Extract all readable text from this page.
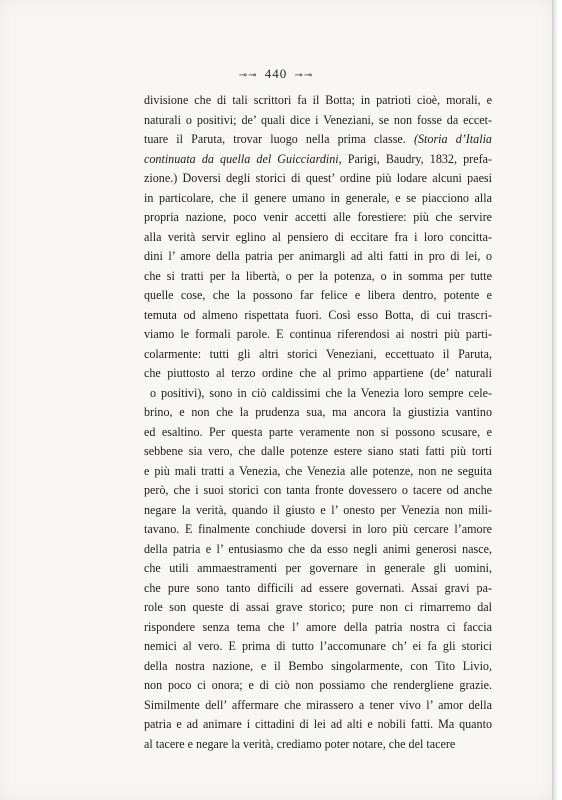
⊸⊸ 440 ⊸⊸
divisione che di tali scrittori fa il Botta; in patrioti cioè, morali, e
naturali o positivi; de’ quali dice i Veneziani, se non fosse da eccet-
tuare il Paruta, trovar luogo nella prima classe. (Storia d’Italia
continuata da quella del Guicciardini, Parigi, Baudry, 1832, prefa-
zione.) Doversi degli storici di quest’ ordine più lodare alcuni paesi
in particolare, che il genere umano in generale, e se piacciono alla
propria nazione, poco venir accetti alle forestiere: più che servire
alla verità servir eglino al pensiero di eccitare fra i loro concitta-
dini l’ amore della patria per animargli ad alti fatti in pro di lei, o
che si tratti per la libertà, o per la potenza, o in somma per tutte
quelle cose, che la possono far felice e libera dentro, potente e
temuta od almeno rispettata fuori. Così esso Botta, di cui trascri-
viamo le formali parole. E continua riferendosi ai nostri più parti-
colarmente: tutti gli altri storici Veneziani, eccettuato il Paruta,
che piuttosto al terzo ordine che al primo appartiene (de’ naturali
o positivi), sono in ciò caldissimi che la Venezia loro sempre cele-
brino, e non che la prudenza sua, ma ancora la giustizia vantino
ed esaltino. Per questa parte veramente non si possono scusare, e
sebbene sia vero, che dalle potenze estere siano stati fatti più torti
e più mali tratti a Venezia, che Venezia alle potenze, non ne seguita
però, che i suoi storici con tanta fronte dovessero o tacere od anche
negare la verità, quando il giusto e l’ onesto per Venezia non mili-
tavano. E finalmente conchiude doversi in loro più cercare l’amore
della patria e l’ entusiasmo che da esso negli animi generosi nasce,
che utili ammaestramenti per governare in generale gli uomini,
che pure sono tanto difficili ad essere governati. Assai gravi pa-
role son queste di assai grave storico; pure non ci rimarremo dal
rispondere senza tema che l’ amore della patria nostra ci faccia
nemici al vero. E prima di tutto l’accomunare ch’ ei fa gli storici
della nostra nazione, e il Bembo singolarmente, con Tito Livio,
non poco ci onora; e di ciò non possiamo che rendergliene grazie.
Similmente dell’ affermare che mirassero a tener vivo l’ amor della
patria e ad animare i cittadini di lei ad alti e nobili fatti. Ma quanto
al tacere e negare la verità, crediamo poter notare, che del tacere
